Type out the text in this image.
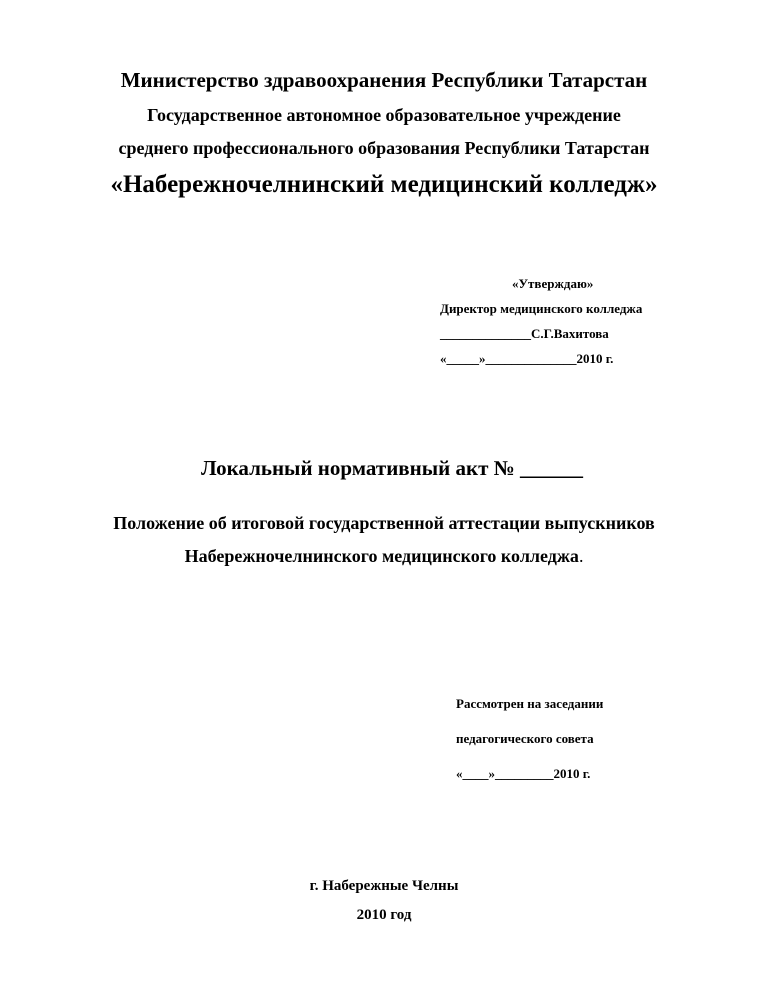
Министерство здравоохранения Республики Татарстан
Государственное автономное образовательное учреждение
среднего профессионального образования Республики Татарстан
«Набережночелнинский медицинский колледж»
«Утверждаю»
Директор медицинского колледжа
______________С.Г.Вахитова
«_____»______________2010 г.
Локальный нормативный акт № ______
Положение об итоговой государственной аттестации выпускников
Набережночелнинского медицинского колледжа.
Рассмотрен на заседании
педагогического совета
«____»_________2010 г.
г. Набережные Челны
2010 год
